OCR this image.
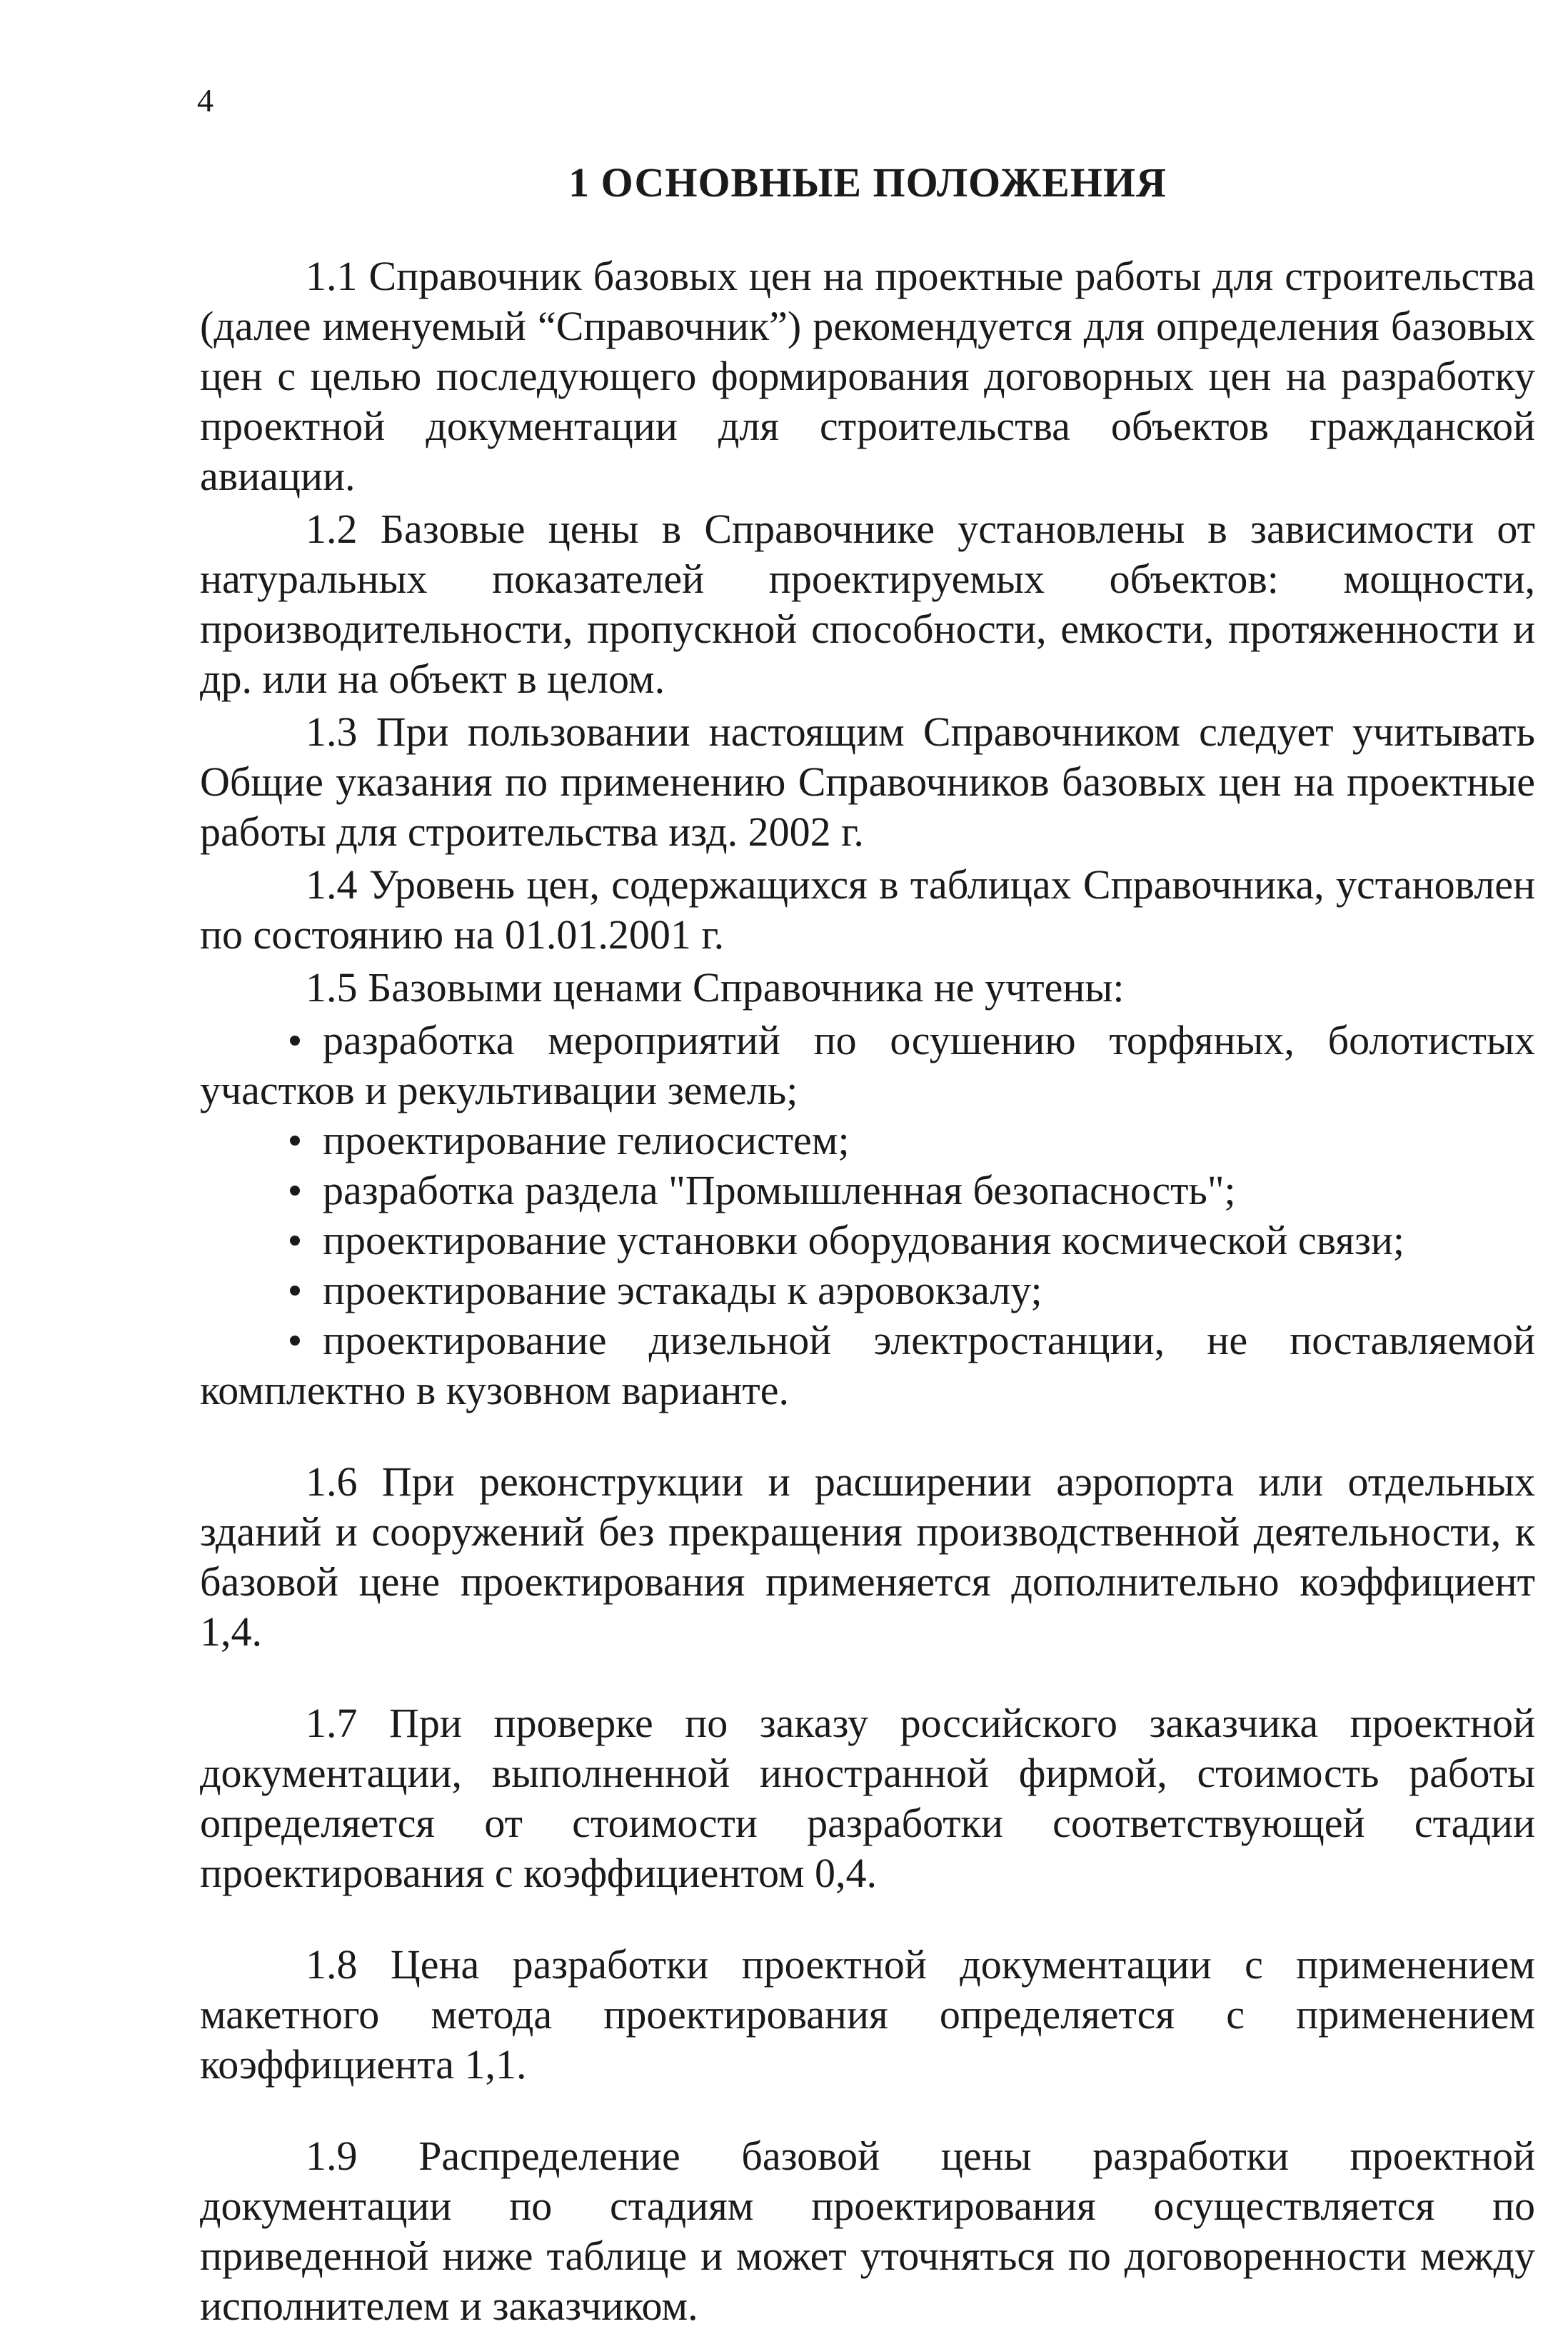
4
1 ОСНОВНЫЕ ПОЛОЖЕНИЯ

1.1 Справочник базовых цен на проектные работы для строительства (далее именуемый “Справочник”) рекомендуется для определения базовых цен с целью последующего формирования договорных цен на разработку проектной документации для строительства объектов гражданской авиации.

1.2 Базовые цены в Справочнике установлены в зависимости от натуральных показателей проектируемых объектов: мощности, производительности, пропускной способности, емкости, протяженности и др. или на объект в целом.

1.3 При пользовании настоящим Справочником следует учитывать Общие указания по применению Справочников базовых цен на проектные работы для строительства изд. 2002 г.

1.4 Уровень цен, содержащихся в таблицах Справочника, установлен по состоянию на 01.01.2001 г.

1.5 Базовыми ценами Справочника не учтены:

разработка мероприятий по осушению торфяных, болотистых участков и рекультивации земель;
проектирование гелиосистем;
разработка раздела "Промышленная безопасность";
проектирование установки оборудования космической связи;
проектирование эстакады к аэровокзалу;
проектирование дизельной электростанции, не поставляемой комплектно в кузовном варианте.

1.6 При реконструкции и расширении аэропорта или отдельных зданий и сооружений без прекращения производственной деятельности, к базовой цене проектирования применяется дополнительно коэффициент 1,4.

1.7 При проверке по заказу российского заказчика проектной документации, выполненной иностранной фирмой, стоимость работы определяется от стоимости разработки соответствующей стадии проектирования с коэффициентом 0,4.

1.8 Цена разработки проектной документации с применением макетного метода проектирования определяется с применением коэффициента 1,1.

1.9 Распределение базовой цены разработки проектной документации по стадиям проектирования осуществляется по приведенной ниже таблице и может уточняться по договоренности между исполнителем и заказчиком.
